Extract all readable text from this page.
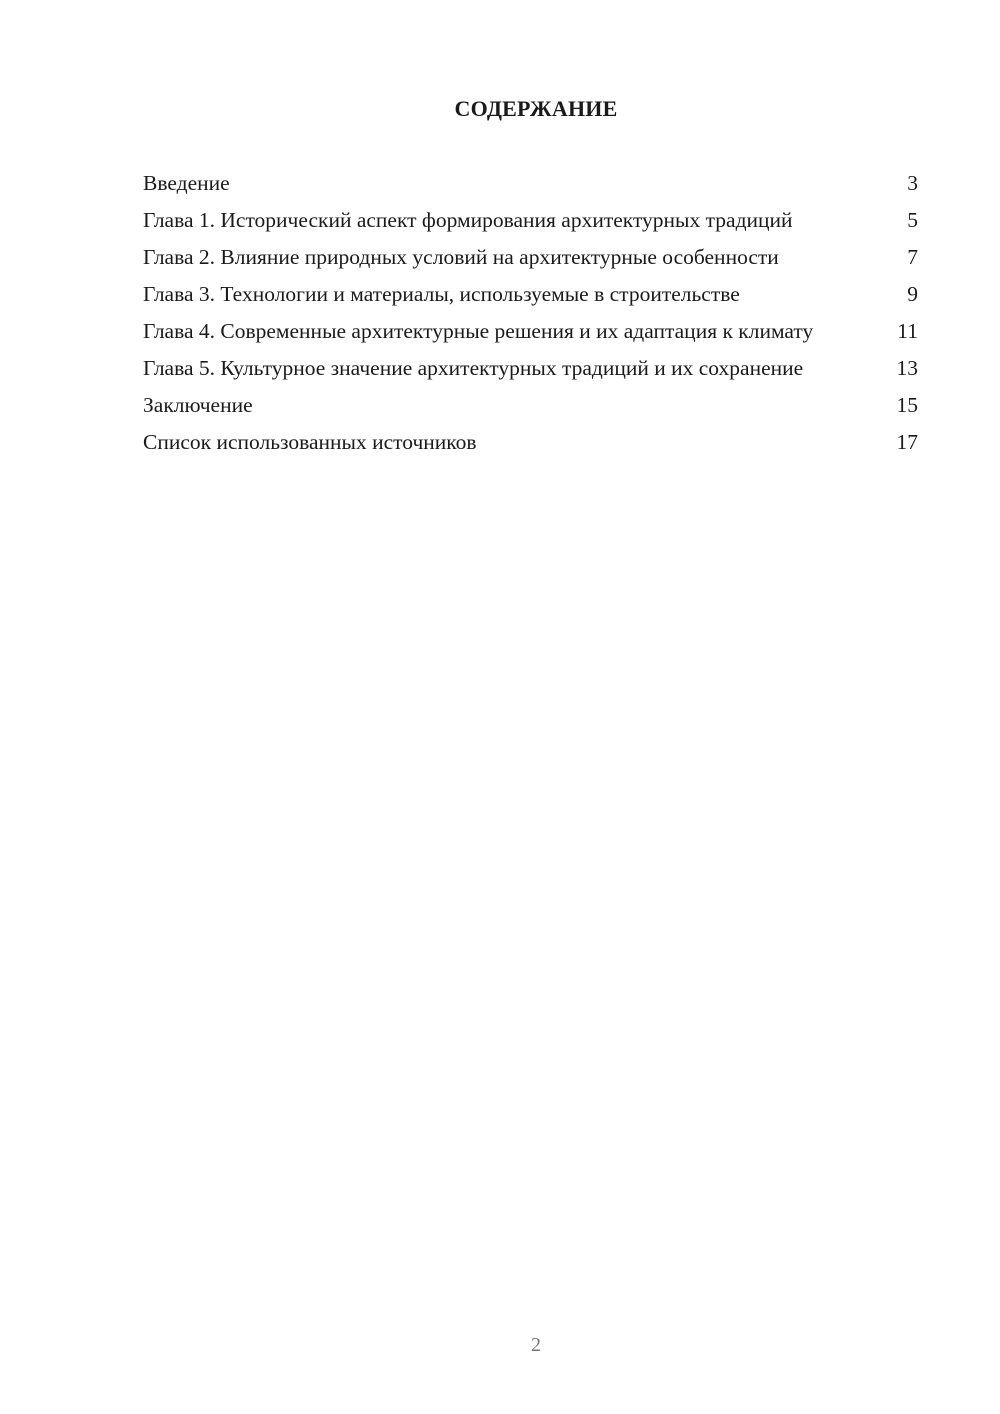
СОДЕРЖАНИЕ
Введение	3
Глава 1. Исторический аспект формирования архитектурных традиций	5
Глава 2. Влияние природных условий на архитектурные особенности	7
Глава 3. Технологии и материалы, используемые в строительстве	9
Глава 4. Современные архитектурные решения и их адаптация к климату	11
Глава 5. Культурное значение архитектурных традиций и их сохранение	13
Заключение	15
Список использованных источников	17
2
